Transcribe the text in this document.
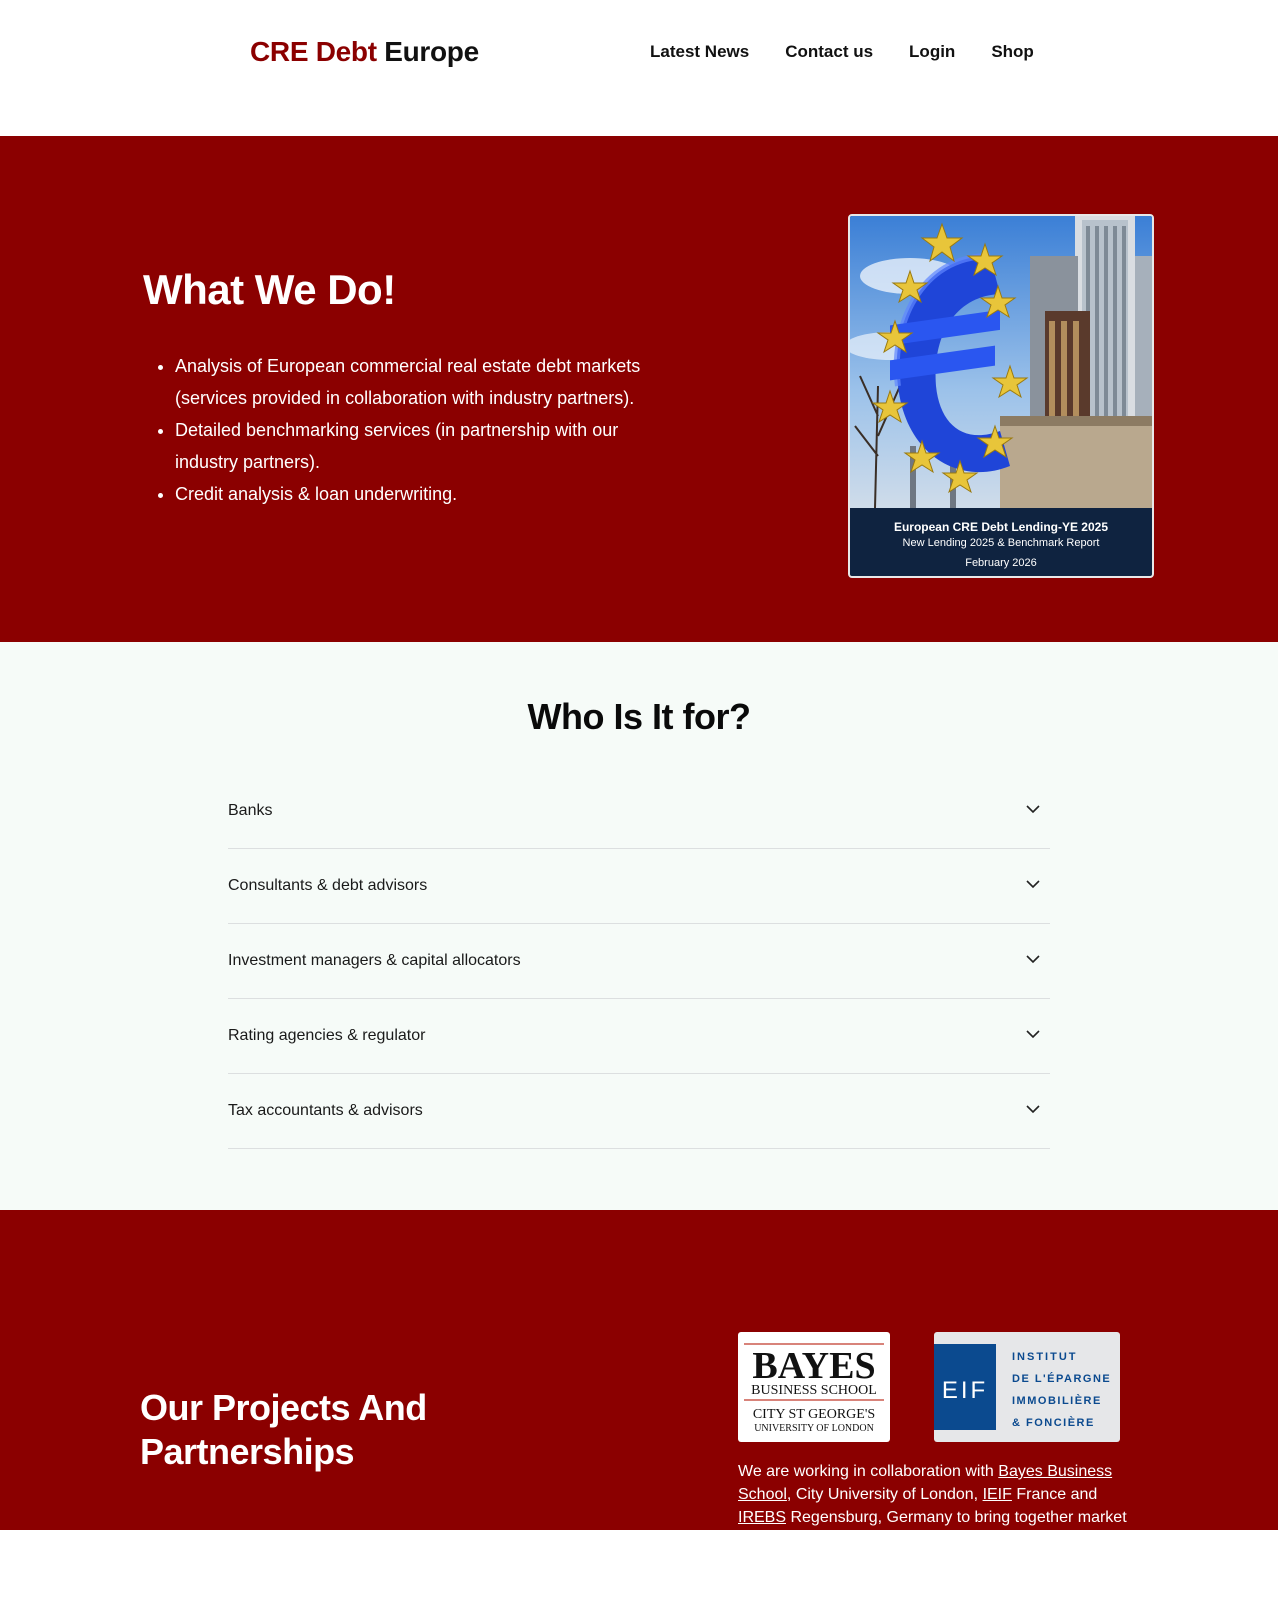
CRE Debt Europe	Latest News Contact us Login Shop
What We Do!
• Analysis of European commercial real estate debt markets (services provided in collaboration with industry partners).
• Detailed benchmarking services (in partnership with our industry partners).
• Credit analysis & loan underwriting.
European CRE Debt Lending-YE 2025
New Lending 2025 & Benchmark Report
February 2026
Who Is It for?
Banks
Consultants & debt advisors
Investment managers & capital allocators
Rating agencies & regulator
Tax accountants & advisors
Our Projects And Partnerships
BAYES
BUSINESS SCHOOL
CITY ST GEORGE'S
UNIVERSITY OF LONDON
EIF
INSTITUT
DE L'ÉPARGNE
IMMOBILIÈRE
& FONCIÈRE
We are working in collaboration with Bayes Business School, City University of London, IEIF France and
IREBS Regensburg, Germany to bring together market
